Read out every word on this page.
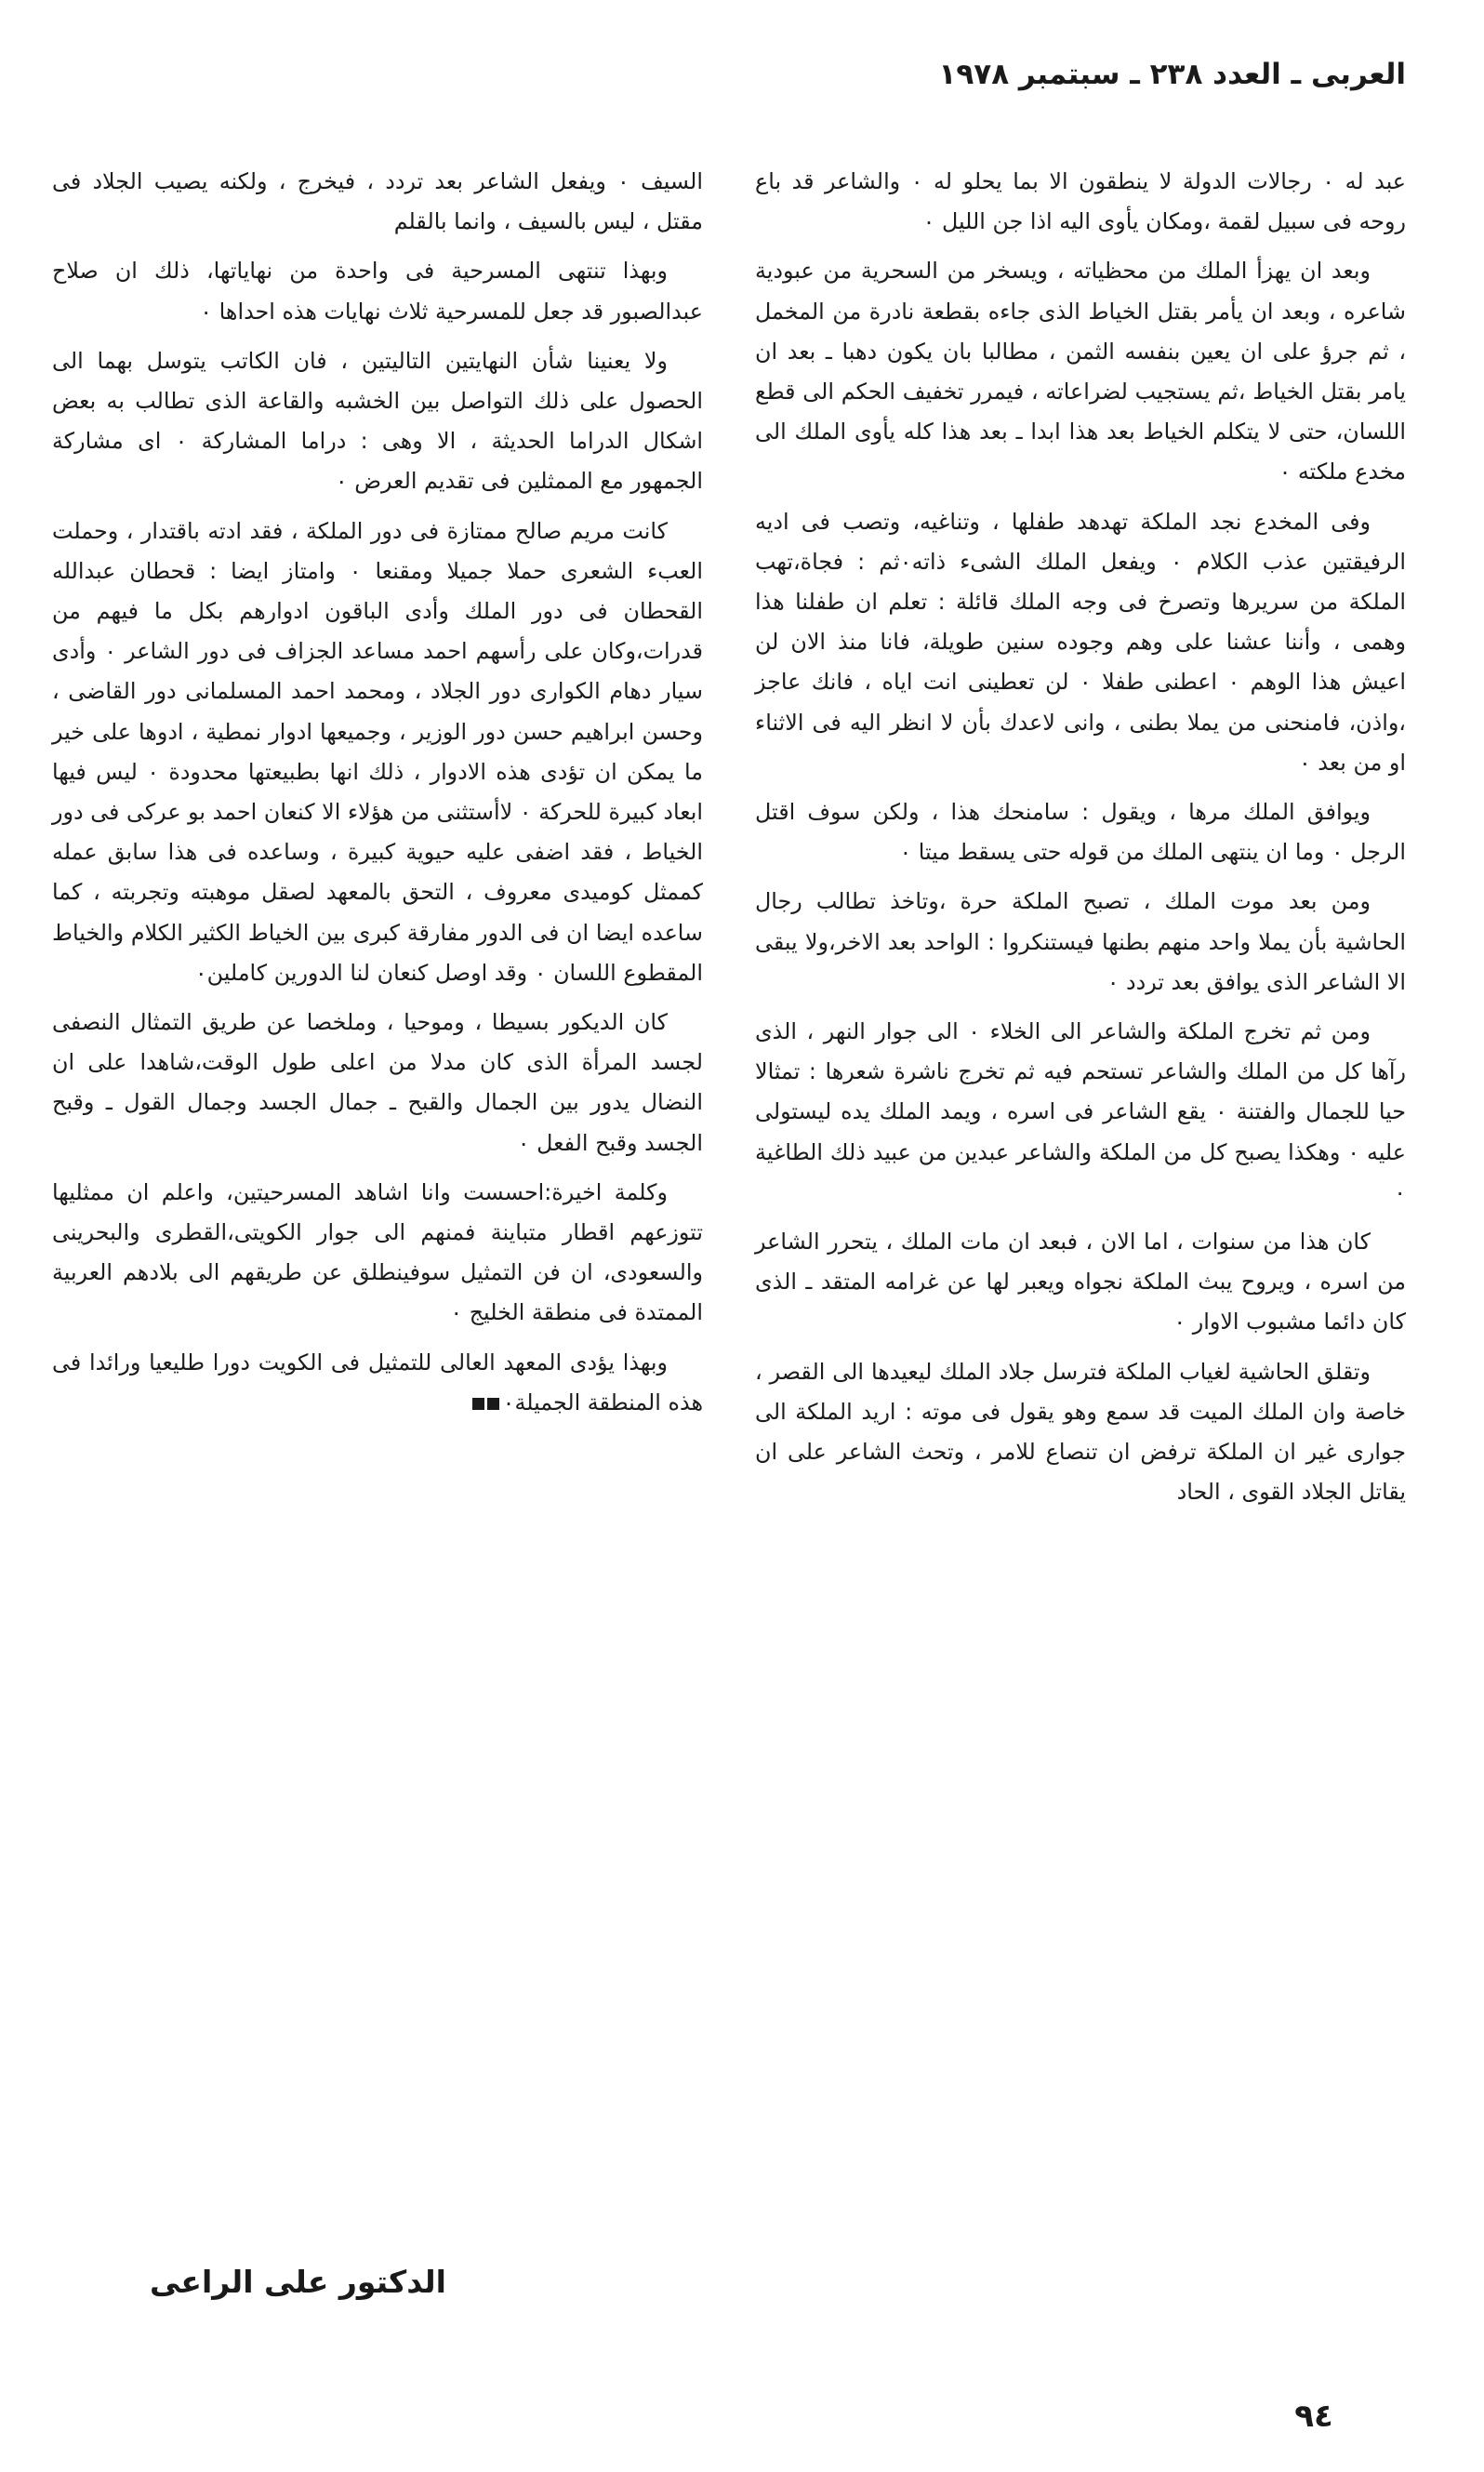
العربى ـ العدد ٢٣٨ ـ سبتمبر ١٩٧٨

عبد له ٠ رجالات الدولة لا ينطقون الا بما يحلو له ٠ والشاعر قد باع روحه فى سبيل لقمة ،ومكان يأوى اليه اذا جن الليل ٠

وبعد ان يهزأ الملك من محظياته ، ويسخر من السحرية من عبودية شاعره ، وبعد ان يأمر بقتل الخياط الذى جاءه بقطعة نادرة من المخمل ، ثم جرؤ على ان يعين بنفسه الثمن ، مطالبا بان يكون دهبا ـ بعد ان يامر بقتل الخياط ،ثم يستجيب لضراعاته ، فيمرر تخفيف الحكم الى قطع اللسان، حتى لا يتكلم الخياط بعد هذا ابدا ـ بعد هذا كله يأوى الملك الى مخدع ملكته ٠

وفى المخدع نجد الملكة تهدهد طفلها ، وتناغيه، وتصب فى اديه الرفيقتين عذب الكلام ٠ ويفعل الملك الشىء ذاته٠ثم : فجاة،تهب الملكة من سريرها وتصرخ فى وجه الملك قائلة : تعلم ان طفلنا هذا وهمى ، وأننا عشنا على وهم وجوده سنين طويلة، فانا منذ الان لن اعيش هذا الوهم ٠ اعطنى طفلا ٠ لن تعطينى انت اياه ، فانك عاجز ،واذن، فامنحنى من يملا بطنى ، وانى لاعدك بأن لا انظر اليه فى الاثناء او من بعد ٠

ويوافق الملك مرها ، ويقول : سامنحك هذا ، ولكن سوف اقتل الرجل ٠ وما ان ينتهى الملك من قوله حتى يسقط ميتا ٠

ومن بعد موت الملك ، تصبح الملكة حرة ،وتاخذ تطالب رجال الحاشية بأن يملا واحد منهم بطنها فيستنكروا : الواحد بعد الاخر،ولا يبقى الا الشاعر الذى يوافق بعد تردد ٠

ومن ثم تخرج الملكة والشاعر الى الخلاء ٠ الى جوار النهر ، الذى رآها كل من الملك والشاعر تستحم فيه ثم تخرج ناشرة شعرها : تمثالا حيا للجمال والفتنة ٠ يقع الشاعر فى اسره ، ويمد الملك يده ليستولى عليه ٠ وهكذا يصبح كل من الملكة والشاعر عبدين من عبيد ذلك الطاغية ٠

كان هذا من سنوات ، اما الان ، فبعد ان مات الملك ، يتحرر الشاعر من اسره ، ويروح يبث الملكة نجواه ويعبر لها عن غرامه المتقد ـ الذى كان دائما مشبوب الاوار ٠

وتقلق الحاشية لغياب الملكة فترسل جلاد الملك ليعيدها الى القصر ، خاصة وان الملك الميت قد سمع وهو يقول فى موته : اريد الملكة الى جوارى غير ان الملكة ترفض ان تنصاع للامر ، وتحث الشاعر على ان يقاتل الجلاد القوى ، الحاد

السيف ٠ ويفعل الشاعر بعد تردد ، فيخرج ، ولكنه يصيب الجلاد فى مقتل ، ليس بالسيف ، وانما بالقلم

وبهذا تنتهى المسرحية فى واحدة من نهاياتها، ذلك ان صلاح عبدالصبور قد جعل للمسرحية ثلاث نهايات هذه احداها ٠

ولا يعنينا شأن النهايتين التاليتين ، فان الكاتب يتوسل بهما الى الحصول على ذلك التواصل بين الخشبه والقاعة الذى تطالب به بعض اشكال الدراما الحديثة ، الا وهى : دراما المشاركة ٠ اى مشاركة الجمهور مع الممثلين فى تقديم العرض ٠

كانت مريم صالح ممتازة فى دور الملكة ، فقد ادته باقتدار ، وحملت العبء الشعرى حملا جميلا ومقنعا ٠ وامتاز ايضا : قحطان عبدالله القحطان فى دور الملك وأدى الباقون ادوارهم بكل ما فيهم من قدرات،وكان على رأسهم احمد مساعد الجزاف فى دور الشاعر ٠ وأدى سيار دهام الكوارى دور الجلاد ، ومحمد احمد المسلمانى دور القاضى ، وحسن ابراهيم حسن دور الوزير ، وجميعها ادوار نمطية ، ادوها على خير ما يمكن ان تؤدى هذه الادوار ، ذلك انها بطبيعتها محدودة ٠ ليس فيها ابعاد كبيرة للحركة ٠ لاأستثنى من هؤلاء الا كنعان احمد بو عركى فى دور الخياط ، فقد اضفى عليه حيوية كبيرة ، وساعده فى هذا سابق عمله كممثل كوميدى معروف ، التحق بالمعهد لصقل موهبته وتجربته ، كما ساعده ايضا ان فى الدور مفارقة كبرى بين الخياط الكثير الكلام والخياط المقطوع اللسان ٠ وقد اوصل كنعان لنا الدورين كاملين٠

كان الديكور بسيطا ، وموحيا ، وملخصا عن طريق التمثال النصفى لجسد المرأة الذى كان مدلا من اعلى طول الوقت،شاهدا على ان النضال يدور بين الجمال والقبح ـ جمال الجسد وجمال القول ـ وقبح الجسد وقبح الفعل ٠

وكلمة اخيرة:احسست وانا اشاهد المسرحيتين، واعلم ان ممثليها تتوزعهم اقطار متباينة فمنهم الى جوار الكويتى،القطرى والبحرينى والسعودى، ان فن التمثيل سوفينطلق عن طريقهم الى بلادهم العربية الممتدة فى منطقة الخليج ٠

وبهذا يؤدى المعهد العالى للتمثيل فى الكويت دورا طليعيا ورائدا فى هذه المنطقة الجميلة٠

الدكتور على الراعى
٩٤
